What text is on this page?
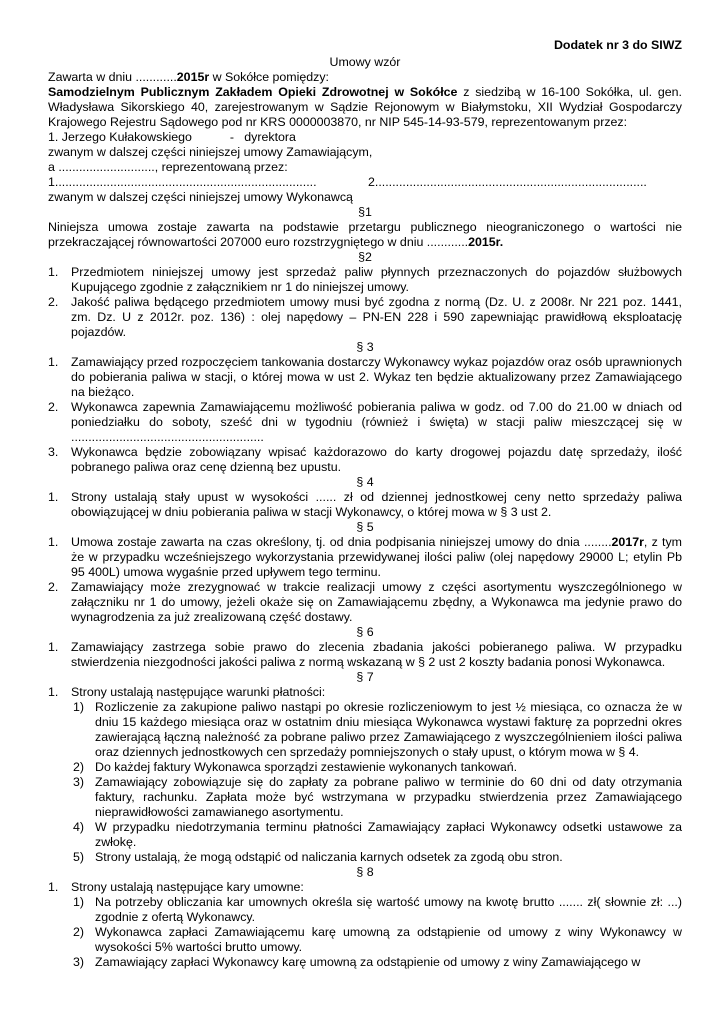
Dodatek nr 3 do SIWZ

Umowy wzór

Zawarta w dniu ............2015r w Sokółce pomiędzy:

Samodzielnym Publicznym Zakładem Opieki Zdrowotnej w Sokółce z siedzibą w 16-100 Sokółka, ul. gen. Władysława Sikorskiego 40, zarejestrowanym w Sądzie Rejonowym w Białymstoku, XII Wydział Gospodarczy Krajowego Rejestru Sądowego pod nr KRS 0000003870, nr NIP 545-14-93-579, reprezentowanym przez:

1. Jerzego Kułakowskiego           -   dyrektora

zwanym w dalszej części niniejszej umowy Zamawiającym,

a ............................, reprezentowaną przez:

1............................................................................	2...............................................................................

zwanym w dalszej części niniejszej umowy Wykonawcą

§1

Niniejsza umowa zostaje zawarta na podstawie przetargu publicznego nieograniczonego o wartości nie przekraczającej równowartości 207000 euro rozstrzygniętego w dniu ............2015r.

§2

1. Przedmiotem niniejszej umowy jest sprzedaż paliw płynnych przeznaczonych do pojazdów służbowych Kupującego zgodnie z załącznikiem nr 1 do niniejszej umowy.
2. Jakość paliwa będącego przedmiotem umowy musi być zgodna z normą (Dz. U. z 2008r. Nr 221 poz. 1441, zm. Dz. U z 2012r. poz. 136) : olej napędowy – PN-EN 228 i 590 zapewniając prawidłową eksploatację pojazdów.

§ 3

1. Zamawiający przed rozpoczęciem tankowania dostarczy Wykonawcy wykaz pojazdów oraz osób uprawnionych do pobierania paliwa w stacji, o której mowa w ust 2. Wykaz ten będzie aktualizowany przez Zamawiającego na bieżąco.
2. Wykonawca zapewnia Zamawiającemu możliwość pobierania paliwa w godz. od 7.00 do 21.00 w dniach od poniedziałku do soboty, sześć dni w tygodniu (również i święta) w stacji paliw mieszczącej się w ........................................................
3. Wykonawca będzie zobowiązany wpisać każdorazowo do karty drogowej pojazdu datę sprzedaży, ilość pobranego paliwa oraz cenę dzienną bez upustu.

§ 4

1. Strony ustalają stały upust w wysokości ...... zł od dziennej jednostkowej ceny netto sprzedaży paliwa obowiązującej w dniu pobierania paliwa w stacji Wykonawcy, o której mowa w § 3 ust 2.

§ 5

1. Umowa zostaje zawarta na czas określony, tj. od dnia podpisania niniejszej umowy do dnia ........2017r, z tym że w przypadku wcześniejszego wykorzystania przewidywanej ilości paliw (olej napędowy 29000 L; etylin Pb 95 400L) umowa wygaśnie przed upływem tego terminu.
2. Zamawiający może zrezygnować w trakcie realizacji umowy z części asortymentu wyszczególnionego w załączniku nr 1 do umowy, jeżeli okaże się on Zamawiającemu zbędny, a Wykonawca ma jedynie prawo do wynagrodzenia za już zrealizowaną część dostawy.

§ 6

1. Zamawiający zastrzega sobie prawo do zlecenia zbadania jakości pobieranego paliwa. W przypadku stwierdzenia niezgodności jakości paliwa z normą wskazaną w § 2 ust 2 koszty badania ponosi Wykonawca.

§ 7

1. Strony ustalają następujące warunki płatności:
1) Rozliczenie za zakupione paliwo nastąpi po okresie rozliczeniowym to jest ½ miesiąca, co oznacza że w dniu 15 każdego miesiąca oraz w ostatnim dniu miesiąca Wykonawca wystawi fakturę za poprzedni okres zawierającą łączną należność za pobrane paliwo przez Zamawiającego z wyszczególnieniem ilości paliwa oraz dziennych jednostkowych cen sprzedaży pomniejszonych o stały upust, o którym mowa w § 4.
2) Do każdej faktury Wykonawca sporządzi zestawienie wykonanych tankowań.
3) Zamawiający zobowiązuje się do zapłaty za pobrane paliwo w terminie do 60 dni od daty otrzymania faktury, rachunku. Zapłata może być wstrzymana w przypadku stwierdzenia przez Zamawiającego nieprawidłowości zamawianego asortymentu.
4) W przypadku niedotrzymania terminu płatności Zamawiający zapłaci Wykonawcy odsetki ustawowe za zwłokę.
5) Strony ustalają, że mogą odstąpić od naliczania karnych odsetek za zgodą obu stron.

§ 8

1. Strony ustalają następujące kary umowne:
1) Na potrzeby obliczania kar umownych określa się wartość umowy na kwotę brutto ....... zł( słownie zł: ...) zgodnie z ofertą Wykonawcy.
2) Wykonawca zapłaci Zamawiającemu karę umowną za odstąpienie od umowy z winy Wykonawcy w wysokości 5% wartości brutto umowy.
3) Zamawiający zapłaci Wykonawcy karę umowną za odstąpienie od umowy z winy Zamawiającego w
